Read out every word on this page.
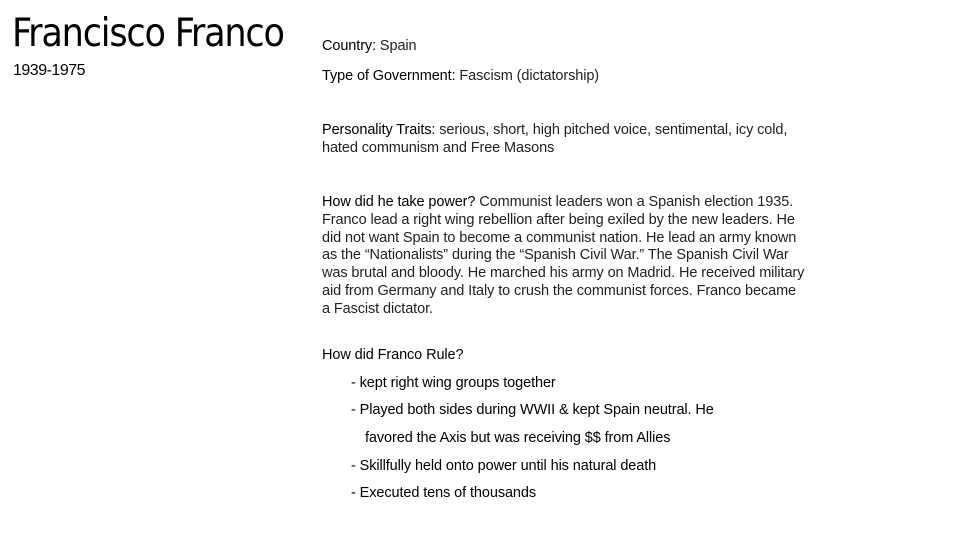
Francisco Franco
1939-1975
Country: Spain
Type of Government: Fascism (dictatorship)
Personality Traits: serious, short, high pitched voice, sentimental, icy cold, hated communism and Free Masons
How did he take power? Communist leaders won a Spanish election 1935. Franco lead a right wing rebellion after being exiled by the new leaders. He did not want Spain to become a communist nation. He lead an army known as the “Nationalists” during the “Spanish Civil War.” The Spanish Civil War was brutal and bloody. He marched his army on Madrid. He received military aid from Germany and Italy to crush the communist forces. Franco became a Fascist dictator.
How did Franco Rule?
- kept right wing groups together
- Played both sides during WWII & kept Spain neutral. He
favored the Axis but was receiving $$ from Allies
- Skillfully held onto power until his natural death
- Executed tens of thousands
